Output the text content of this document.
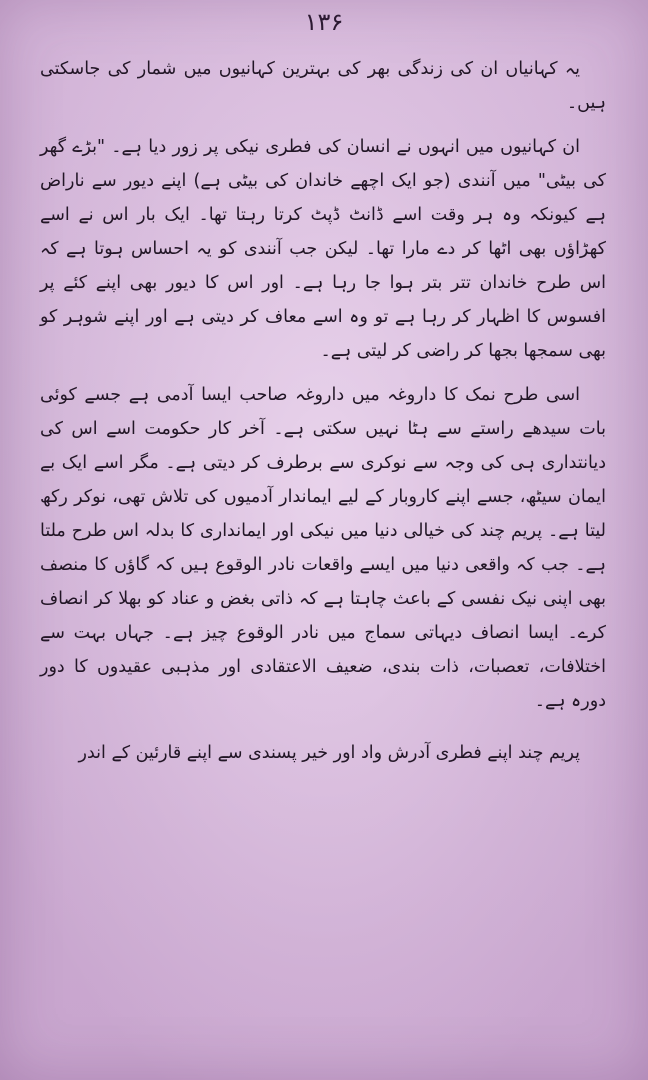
۱۳۶

یہ کہانیاں ان کی زندگی بھر کی بہترین کہانیوں میں شمار کی جاسکتی ہیں۔

ان کہانیوں میں انہوں نے انسان کی فطری نیکی پر زور دیا ہے۔ "بڑے گھر کی بیٹی" میں آنندی (جو ایک اچھے خاندان کی بیٹی ہے) اپنے دیور سے ناراض ہے کیونکہ وہ ہر وقت اسے ڈانٹ ڈپٹ کرتا رہتا تھا۔ ایک بار اس نے اسے کھڑاؤں بھی اٹھا کر دے مارا تھا۔ لیکن جب آنندی کو یہ احساس ہوتا ہے کہ اس طرح خاندان تتر بتر ہوا جا رہا ہے۔ اور اس کا دیور بھی اپنے کئے پر افسوس کا اظہار کر رہا ہے تو وہ اسے معاف کر دیتی ہے اور اپنے شوہر کو بھی سمجھا بجھا کر راضی کر لیتی ہے۔

اسی طرح نمک کا داروغہ میں داروغہ صاحب ایسا آدمی ہے جسے کوئی بات سیدھے راستے سے ہٹا نہیں سکتی ہے۔ آخر کار حکومت اسے اس کی دیانتداری ہی کی وجہ سے نوکری سے برطرف کر دیتی ہے۔ مگر اسے ایک بے ایمان سیٹھ، جسے اپنے کاروبار کے لیے ایماندار آدمیوں کی تلاش تھی، نوکر رکھ لیتا ہے۔ پریم چند کی خیالی دنیا میں نیکی اور ایمانداری کا بدلہ اس طرح ملتا ہے۔ جب کہ واقعی دنیا میں ایسے واقعات نادر الوقوع ہیں کہ گاؤں کا منصف بھی اپنی نیک نفسی کے باعث چاہتا ہے کہ ذاتی بغض و عناد کو بھلا کر انصاف کرے۔ ایسا انصاف دیہاتی سماج میں نادر الوقوع چیز ہے۔ جہاں بہت سے اختلافات، تعصبات، ذات بندی، ضعیف الاعتقادی اور مذہبی عقیدوں کا دور دورہ ہے۔

پریم چند اپنے فطری آدرش واد اور خیر پسندی سے اپنے قارئین کے اندر
